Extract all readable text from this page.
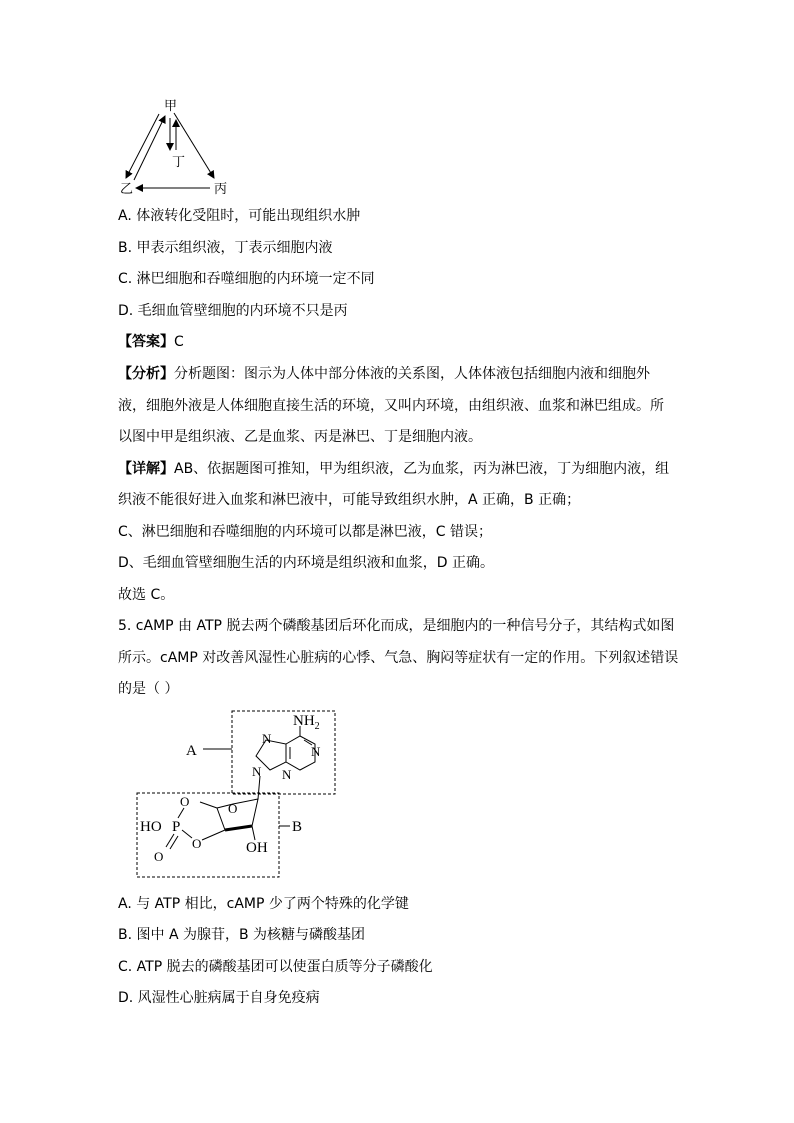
甲
乙	丙
丁
A. 体液转化受阻时，可能出现组织水肿
B. 甲表示组织液，丁表示细胞内液
C. 淋巴细胞和吞噬细胞的内环境一定不同
D. 毛细血管壁细胞的内环境不只是丙
【答案】C
【分析】分析题图：图示为人体中部分体液的关系图，人体体液包括细胞内液和细胞外
液，细胞外液是人体细胞直接生活的环境，又叫内环境，由组织液、血浆和淋巴组成。所
以图中甲是组织液、乙是血浆、丙是淋巴、丁是细胞内液。
【详解】AB、依据题图可推知，甲为组织液，乙为血浆，丙为淋巴液，丁为细胞内液，组
织液不能很好进入血浆和淋巴液中，可能导致组织水肿，A 正确，B 正确；
C、淋巴细胞和吞噬细胞的内环境可以都是淋巴液，C 错误；
D、毛细血管壁细胞生活的内环境是组织液和血浆，D 正确。
故选 C。
5. cAMP 由 ATP 脱去两个磷酸基团后环化而成，是细胞内的一种信号分子，其结构式如图
所示。cAMP 对改善风湿性心脏病的心悸、气急、胸闷等症状有一定的作用。下列叙述错误
的是（ ）
A
B
$NH_2$
N
N
N
N
O
OH
O
P
O
HO
O
A. 与 ATP 相比，cAMP 少了两个特殊的化学键
B. 图中 A 为腺苷，B 为核糖与磷酸基团
C. ATP 脱去的磷酸基团可以使蛋白质等分子磷酸化
D. 风湿性心脏病属于自身免疫病
